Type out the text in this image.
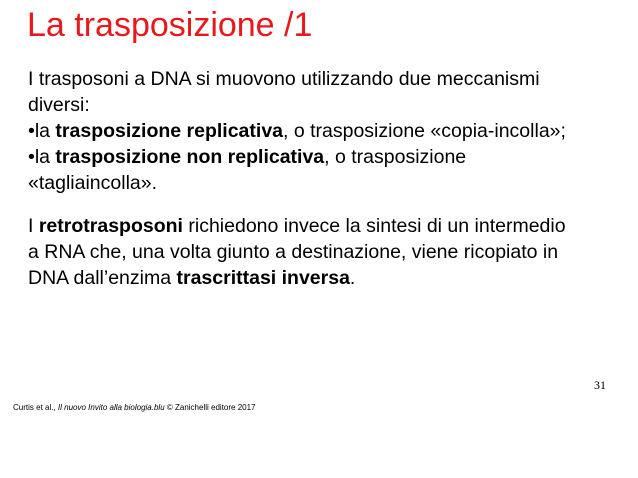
La trasposizione /1
I trasposoni a DNA si muovono utilizzando due meccanismi
diversi:
•la trasposizione replicativa, o trasposizione «copia-incolla»;
•la trasposizione non replicativa, o trasposizione
«tagliaincolla».
I retrotrasposoni richiedono invece la sintesi di un intermedio
a RNA che, una volta giunto a destinazione, viene ricopiato in
DNA dall’enzima trascrittasi inversa.
31
Curtis et al., Il nuovo Invito alla biologia.blu © Zanichelli editore 2017
